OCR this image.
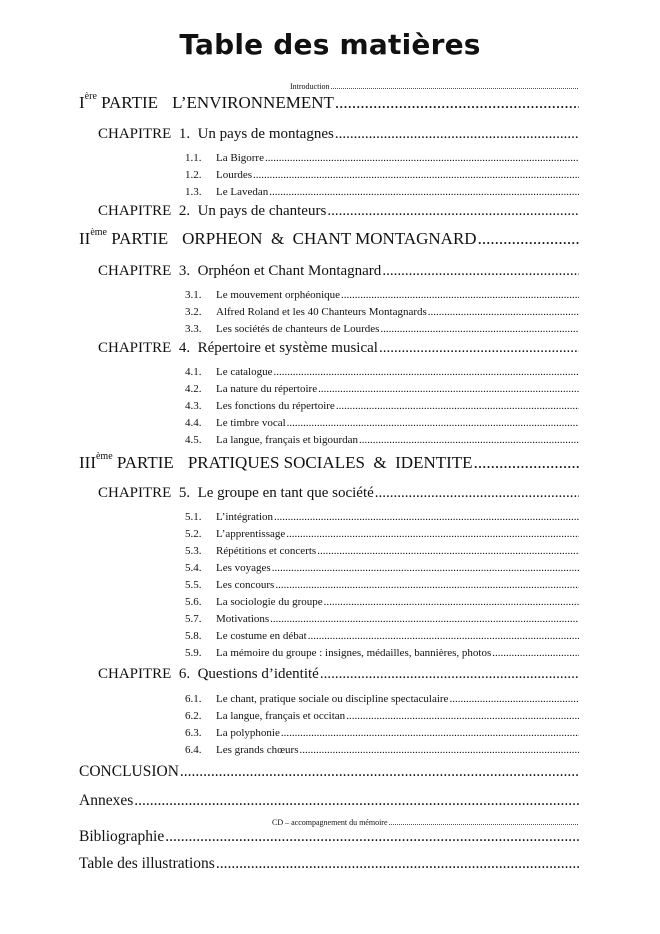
Table des matières
Introduction
.....
Ière PARTIE L’ENVIRONNEMENT
.....
CHAPITRE 1. Un pays de montagnes
.....
1.1. La Bigorre
.....
1.2. Lourdes
.....
1.3. Le Lavedan
.....
CHAPITRE 2. Un pays de chanteurs
.....
IIème PARTIE ORPHEON  &  CHANT MONTAGNARD
.....
CHAPITRE 3. Orphéon et Chant Montagnard
.....
3.1. Le mouvement orphéonique
.....
3.2. Alfred Roland et les 40 Chanteurs Montagnards
.....
3.3. Les sociétés de chanteurs de Lourdes
.....
CHAPITRE 4. Répertoire et système musical
.....
4.1. Le catalogue
.....
4.2. La nature du répertoire
.....
4.3. Les fonctions du répertoire
.....
4.4. Le timbre vocal
.....
4.5. La langue, français et bigourdan
.....
IIIème PARTIE PRATIQUES SOCIALES  &  IDENTITE
.....
CHAPITRE 5. Le groupe en tant que société
.....
5.1. L’intégration
.....
5.2. L’apprentissage
.....
5.3. Répétitions et concerts
.....
5.4. Les voyages
.....
5.5. Les concours
.....
5.6. La sociologie du groupe
.....
5.7. Motivations
.....
5.8. Le costume en débat
.....
5.9. La mémoire du groupe : insignes, médailles, bannières, photos
.....
CHAPITRE 6. Questions d’identité
.....
6.1. Le chant, pratique sociale ou discipline spectaculaire
.....
6.2. La langue, français et occitan
.....
6.3. La polyphonie
.....
6.4. Les grands chœurs
.....
CONCLUSION
.....
Annexes
.....
CD – accompagnement du mémoire
.....
Bibliographie
.....
Table des illustrations
.....
